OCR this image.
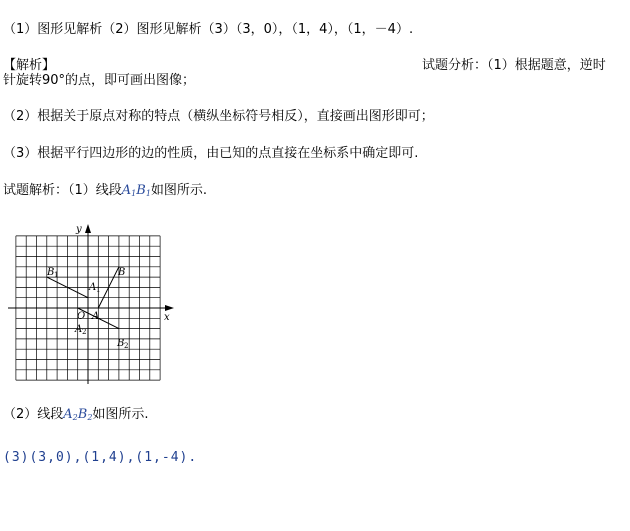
（1）图形见解析（2）图形见解析（3）（3，0），（1，4），（1，－4）.
【解析】	试题分析：（1）根据题意，逆时
针旋转90°的点，即可画出图像；
（2）根据关于原点对称的特点（横纵坐标符号相反），直接画出图形即可；
（3）根据平行四边形的边的性质，由已知的点直接在坐标系中确定即可.
试题解析：（1）线段$A_1B_1$如图所示.
（2）线段$A_2B_2$如图所示.
(3)(3,0),(1,4),(1,-4).
x
y
O A
B
A 1
B 1
A 2
B 2
